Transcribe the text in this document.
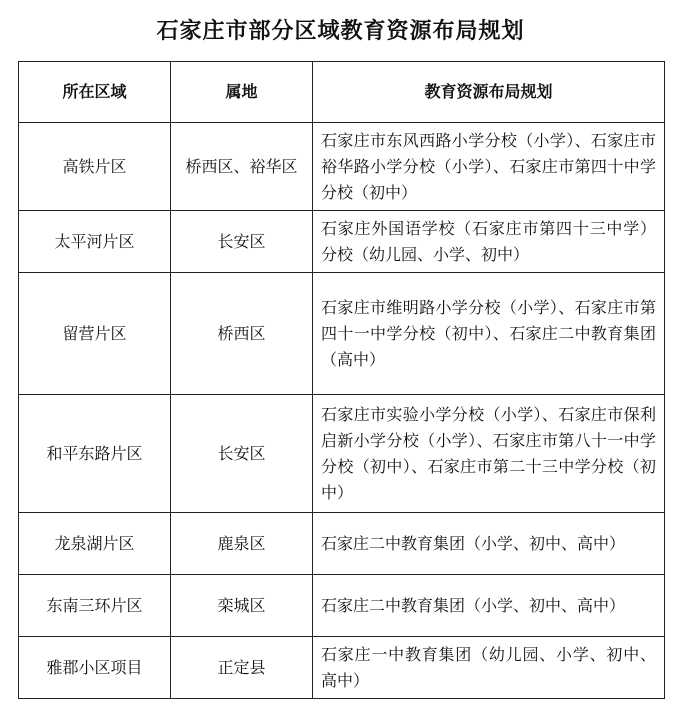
石家庄市部分区域教育资源布局规划
所在区域	属地	教育资源布局规划
高铁片区	桥西区、裕华区	石家庄市东风西路小学分校（小学）、石家庄市裕华路小学分校（小学）、石家庄市第四十中学分校（初中）
太平河片区	长安区	石家庄外国语学校（石家庄市第四十三中学）分校（幼儿园、小学、初中）
留营片区	桥西区	石家庄市维明路小学分校（小学）、石家庄市第四十一中学分校（初中）、石家庄二中教育集团（高中）
和平东路片区	长安区	石家庄市实验小学分校（小学）、石家庄市保利启新小学分校（小学）、石家庄市第八十一中学分校（初中）、石家庄市第二十三中学分校（初中）
龙泉湖片区	鹿泉区	石家庄二中教育集团（小学、初中、高中）
东南三环片区	栾城区	石家庄二中教育集团（小学、初中、高中）
雅郡小区项目	正定县	石家庄一中教育集团（幼儿园、小学、初中、高中）
